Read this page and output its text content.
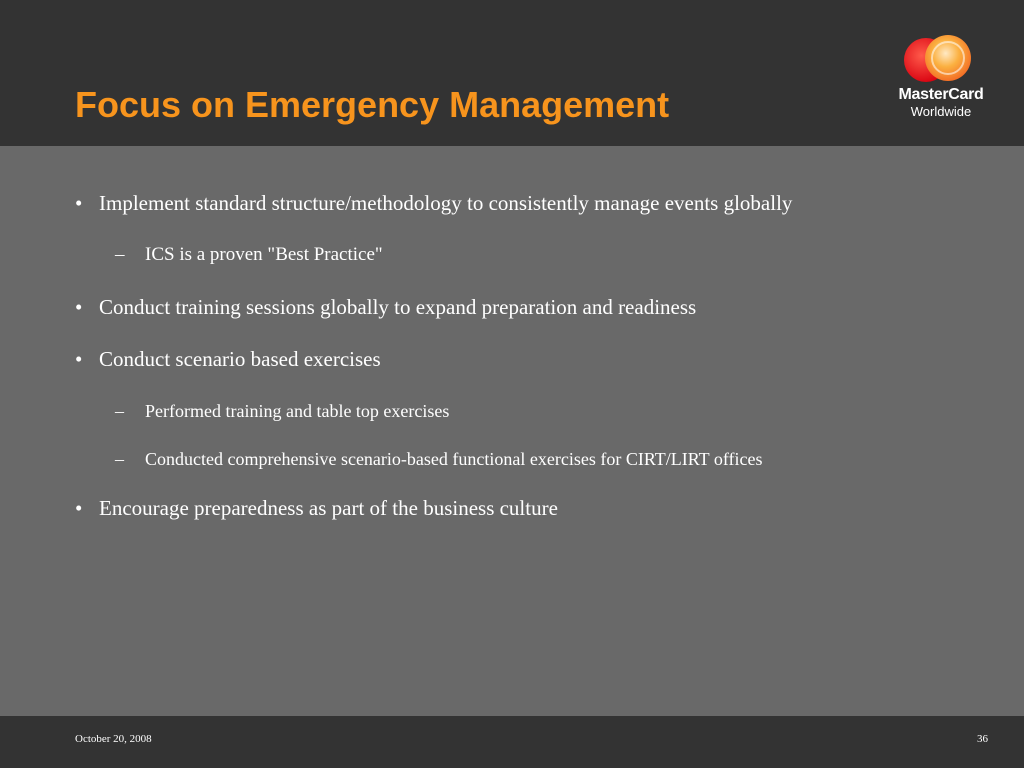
Focus on Emergency Management	MasterCard
Worldwide
• Implement standard structure/methodology to consistently manage events globally
–	ICS is a proven "Best Practice"
• Conduct training sessions globally to expand preparation and readiness
• Conduct scenario based exercises
–	Performed training and table top exercises
–	Conducted comprehensive scenario-based functional exercises for CIRT/LIRT offices
• Encourage preparedness as part of the business culture
October 20, 2008	36
